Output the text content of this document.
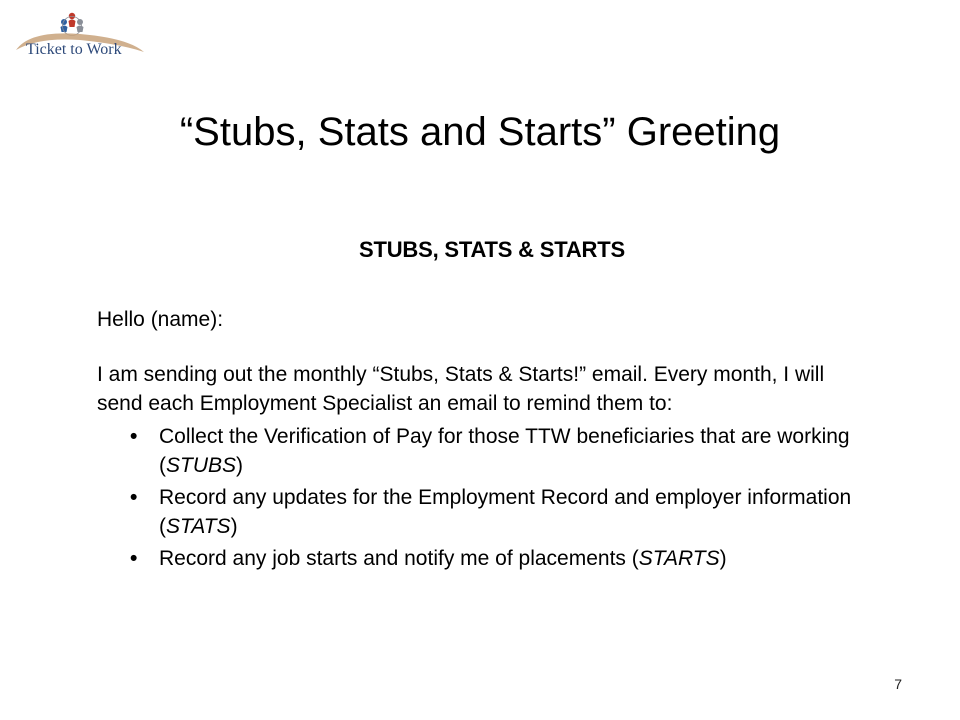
Ticket to Work
“Stubs, Stats and Starts” Greeting
STUBS, STATS & STARTS
Hello (name):
I am sending out the monthly “Stubs, Stats & Starts!” email. Every month, I will send each Employment Specialist an email to remind them to:
• Collect the Verification of Pay for those TTW beneficiaries that are working (STUBS)
• Record any updates for the Employment Record and employer information (STATS)
• Record any job starts and notify me of placements (STARTS)
7
